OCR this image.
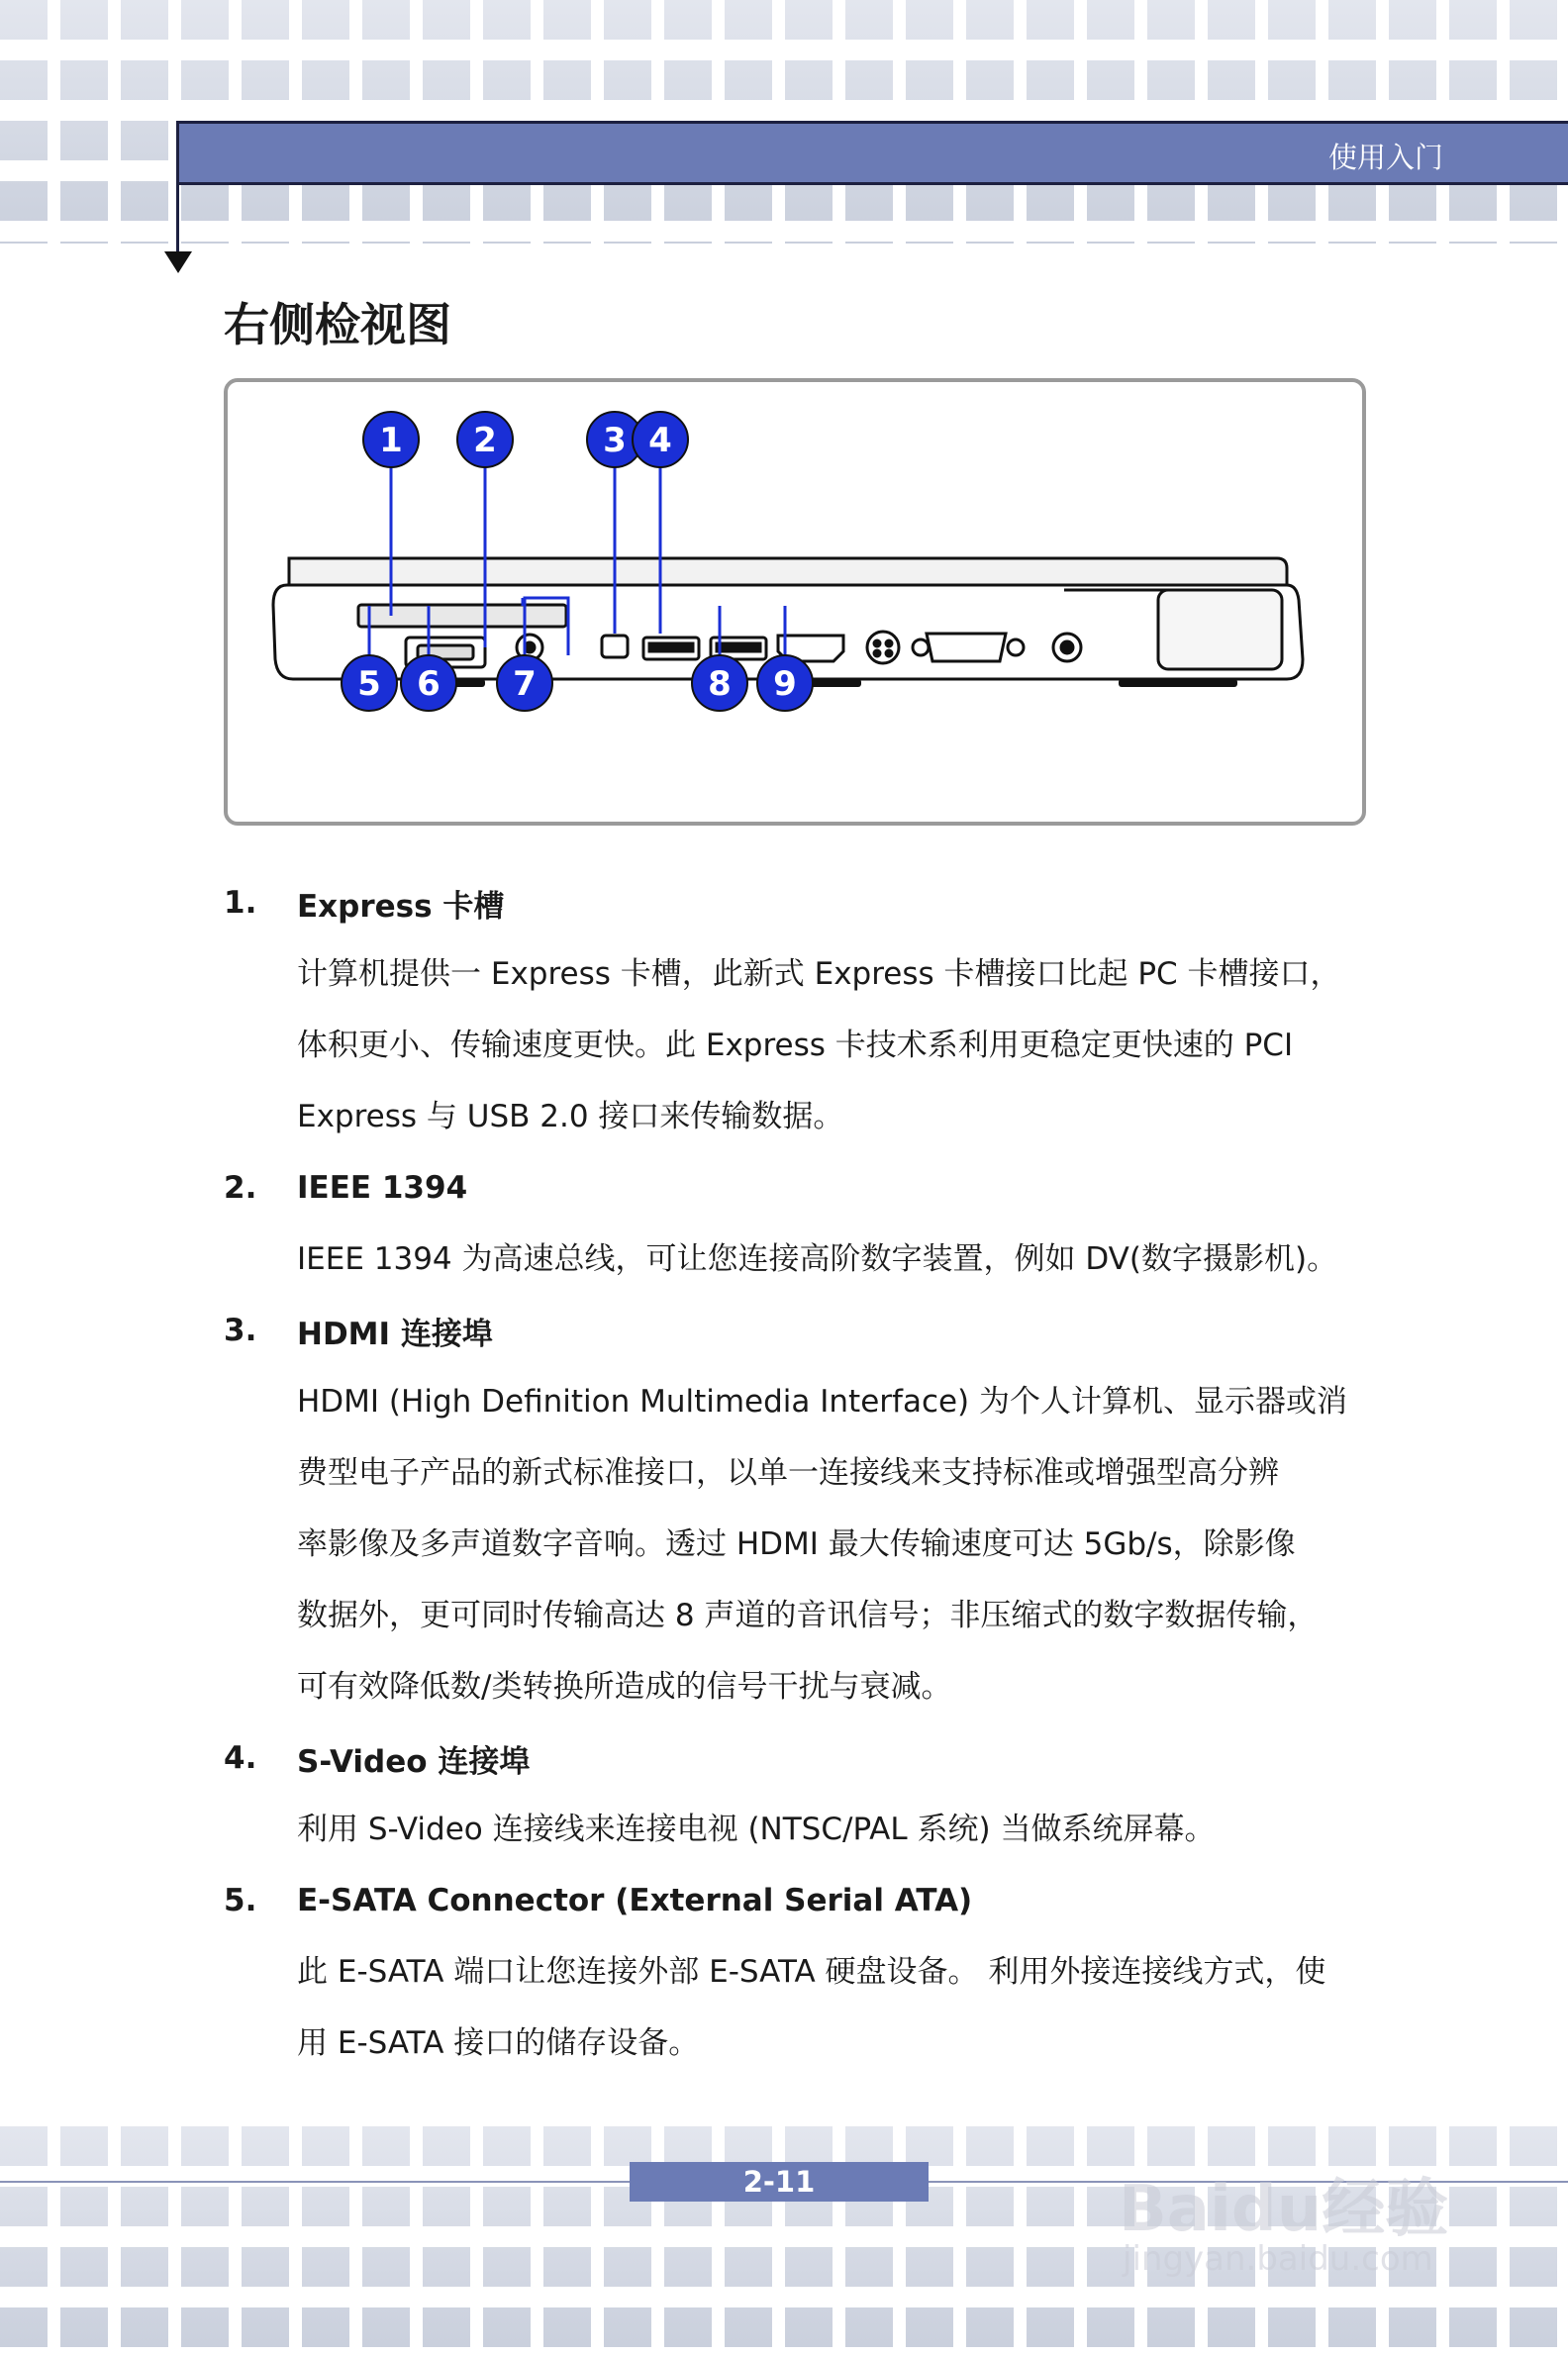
使用入门
右侧检视图
1 2	3 4
5 6 7	8 9
1.	Express 卡槽
计算机提供一 Express 卡槽，此新式 Express 卡槽接口比起 PC 卡槽接口，
体积更小、传输速度更快。此 Express 卡技术系利用更稳定更快速的 PCI
Express 与 USB 2.0 接口来传输数据。
2.	IEEE 1394
IEEE 1394 为高速总线，可让您连接高阶数字装置，例如 DV(数字摄影机)。
3.	HDMI 连接埠
HDMI (High Definition Multimedia Interface) 为个人计算机、显示器或消
费型电子产品的新式标准接口，以单一连接线来支持标准或增强型高分辨
率影像及多声道数字音响。透过 HDMI 最大传输速度可达 5Gb/s，除影像
数据外，更可同时传输高达 8 声道的音讯信号；非压缩式的数字数据传输，
可有效降低数/类转换所造成的信号干扰与衰减。
4.	S-Video 连接埠
利用 S-Video 连接线来连接电视 (NTSC/PAL 系统) 当做系统屏幕。
5.	E-SATA Connector (External Serial ATA)
此 E-SATA 端口让您连接外部 E-SATA 硬盘设备。 利用外接连接线方式，使
用 E-SATA 接口的储存设备。
2-11	Baidu经验
jingyan.baidu.com
